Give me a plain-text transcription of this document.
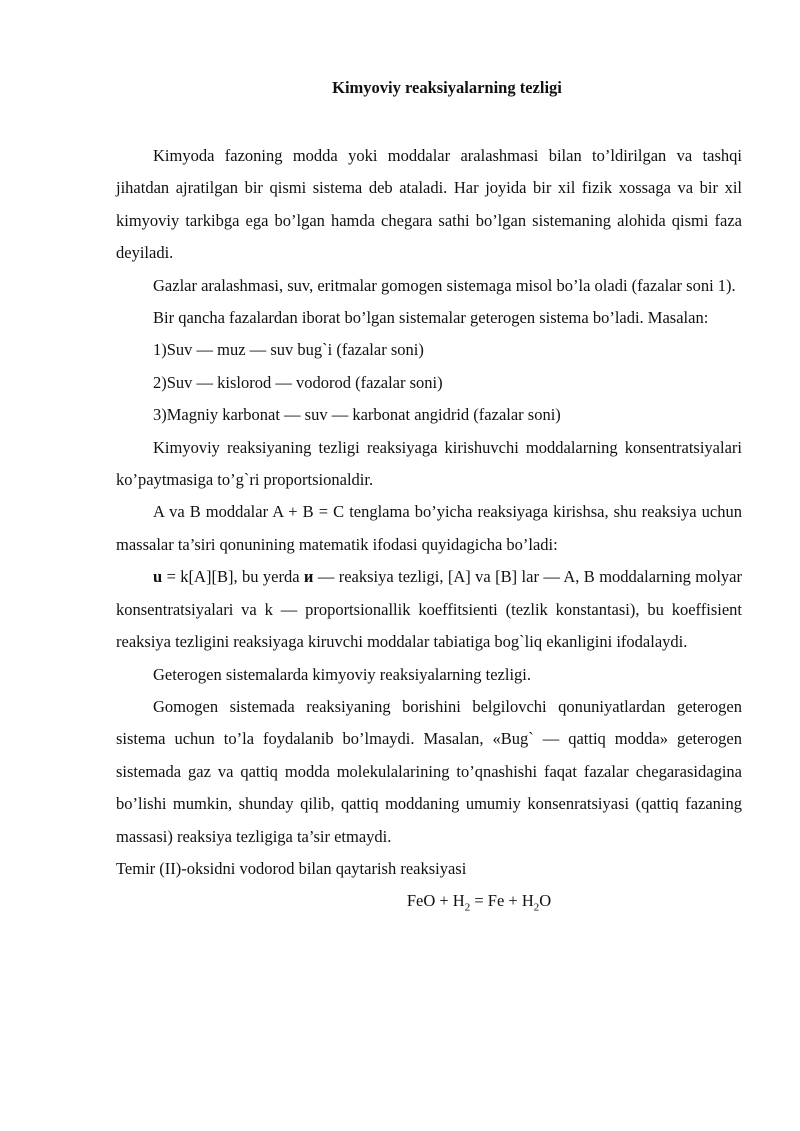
Kimyoviy reaksiyalarning tezligi

Kimyoda fazoning modda yoki moddalar aralashmasi bilan to’ldirilgan va tashqi jihatdan ajratilgan bir qismi sistema deb ataladi. Har joyida bir xil fizik xossaga va bir xil kimyoviy tarkibga ega bo’lgan hamda chegara sathi bo’lgan sistemaning alohida qismi faza deyiladi.

Gazlar aralashmasi, suv, eritmalar gomogen sistemaga misol bo’la oladi (fazalar soni 1).

Bir qancha fazalardan iborat bo’lgan sistemalar geterogen sistema bo’ladi. Masalan:

1)Suv — muz — suv bug`i (fazalar soni)

2)Suv — kislorod — vodorod (fazalar soni)

3)Magniy karbonat — suv — karbonat angidrid (fazalar soni)

Kimyoviy reaksiyaning tezligi reaksiyaga kirishuvchi moddalarning konsentratsiyalari ko’paytmasiga to’g`ri proportsionaldir.

A va B moddalar A + B = C tenglama bo’yicha reaksiyaga kirishsa, shu reaksiya uchun massalar ta’siri qonunining matematik ifodasi quyidagicha bo’ladi:

u = k[A][B], bu yerda и — reaksiya tezligi, [A] va [B] lar — A, B moddalarning molyar konsentratsiyalari va k — proportsionallik koeffitsienti (tezlik konstantasi), bu koeffisient reaksiya tezligini reaksiyaga kiruvchi moddalar tabiatiga bog`liq ekanligini ifodalaydi.

Geterogen sistemalarda kimyoviy reaksiyalarning tezligi.

Gomogen sistemada reaksiyaning borishini belgilovchi qonuniyatlardan geterogen sistema uchun to’la foydalanib bo’lmaydi. Masalan, «Bug` — qattiq modda» geterogen sistemada gaz va qattiq modda molekulalarining to’qnashishi faqat fazalar chegarasidagina bo’lishi mumkin, shunday qilib, qattiq moddaning umumiy konsenratsiyasi (qattiq fazaning massasi) reaksiya tezligiga ta’sir etmaydi.

Temir (II)-oksidni vodorod bilan qaytarish reaksiyasi

FeO + $H_2 = Fe + H_2O$
